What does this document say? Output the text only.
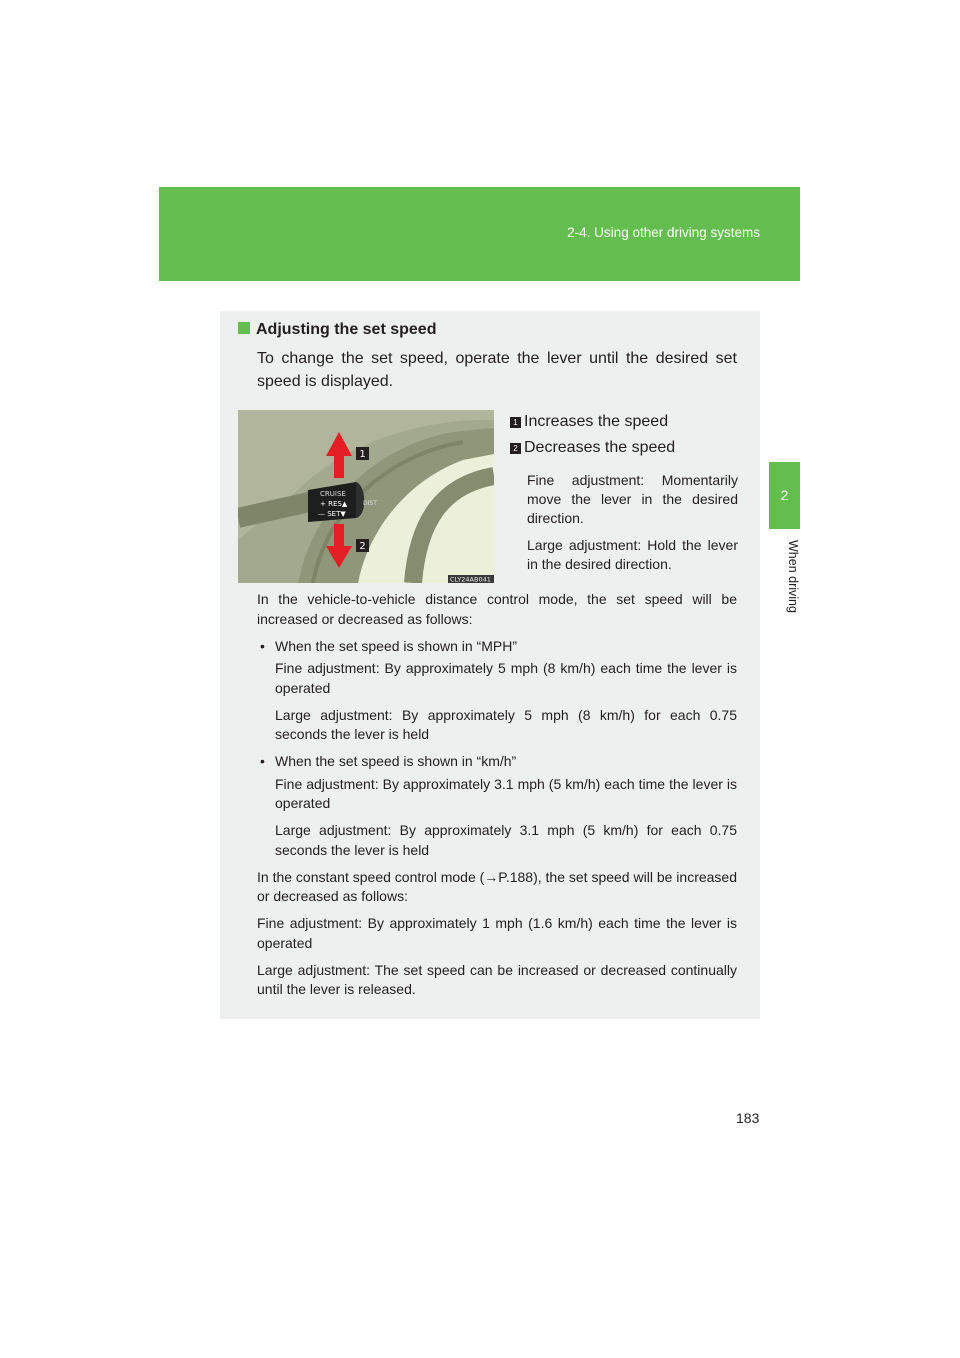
2-4. Using other driving systems
2
When driving
Adjusting the set speed
To change the set speed, operate the lever until the desired set speed is displayed.
CRUISE
+ RES▲
— SET▼
DIST
1
2
CLY24AB041
1 Increases the speed
2 Decreases the speed
Fine adjustment: Momentarily move the lever in the desired direction.
Large adjustment: Hold the lever in the desired direction.

In the vehicle-to-vehicle distance control mode, the set speed will be increased or decreased as follows:

• When the set speed is shown in “MPH”

Fine adjustment: By approximately 5 mph (8 km/h) each time the lever is operated

Large adjustment: By approximately 5 mph (8 km/h) for each 0.75 seconds the lever is held

• When the set speed is shown in “km/h”

Fine adjustment: By approximately 3.1 mph (5 km/h) each time the lever is operated

Large adjustment: By approximately 3.1 mph (5 km/h) for each 0.75 seconds the lever is held

In the constant speed control mode (→P.188), the set speed will be increased or decreased as follows:

Fine adjustment: By approximately 1 mph (1.6 km/h) each time the lever is operated

Large adjustment: The set speed can be increased or decreased continually until the lever is released.

183
